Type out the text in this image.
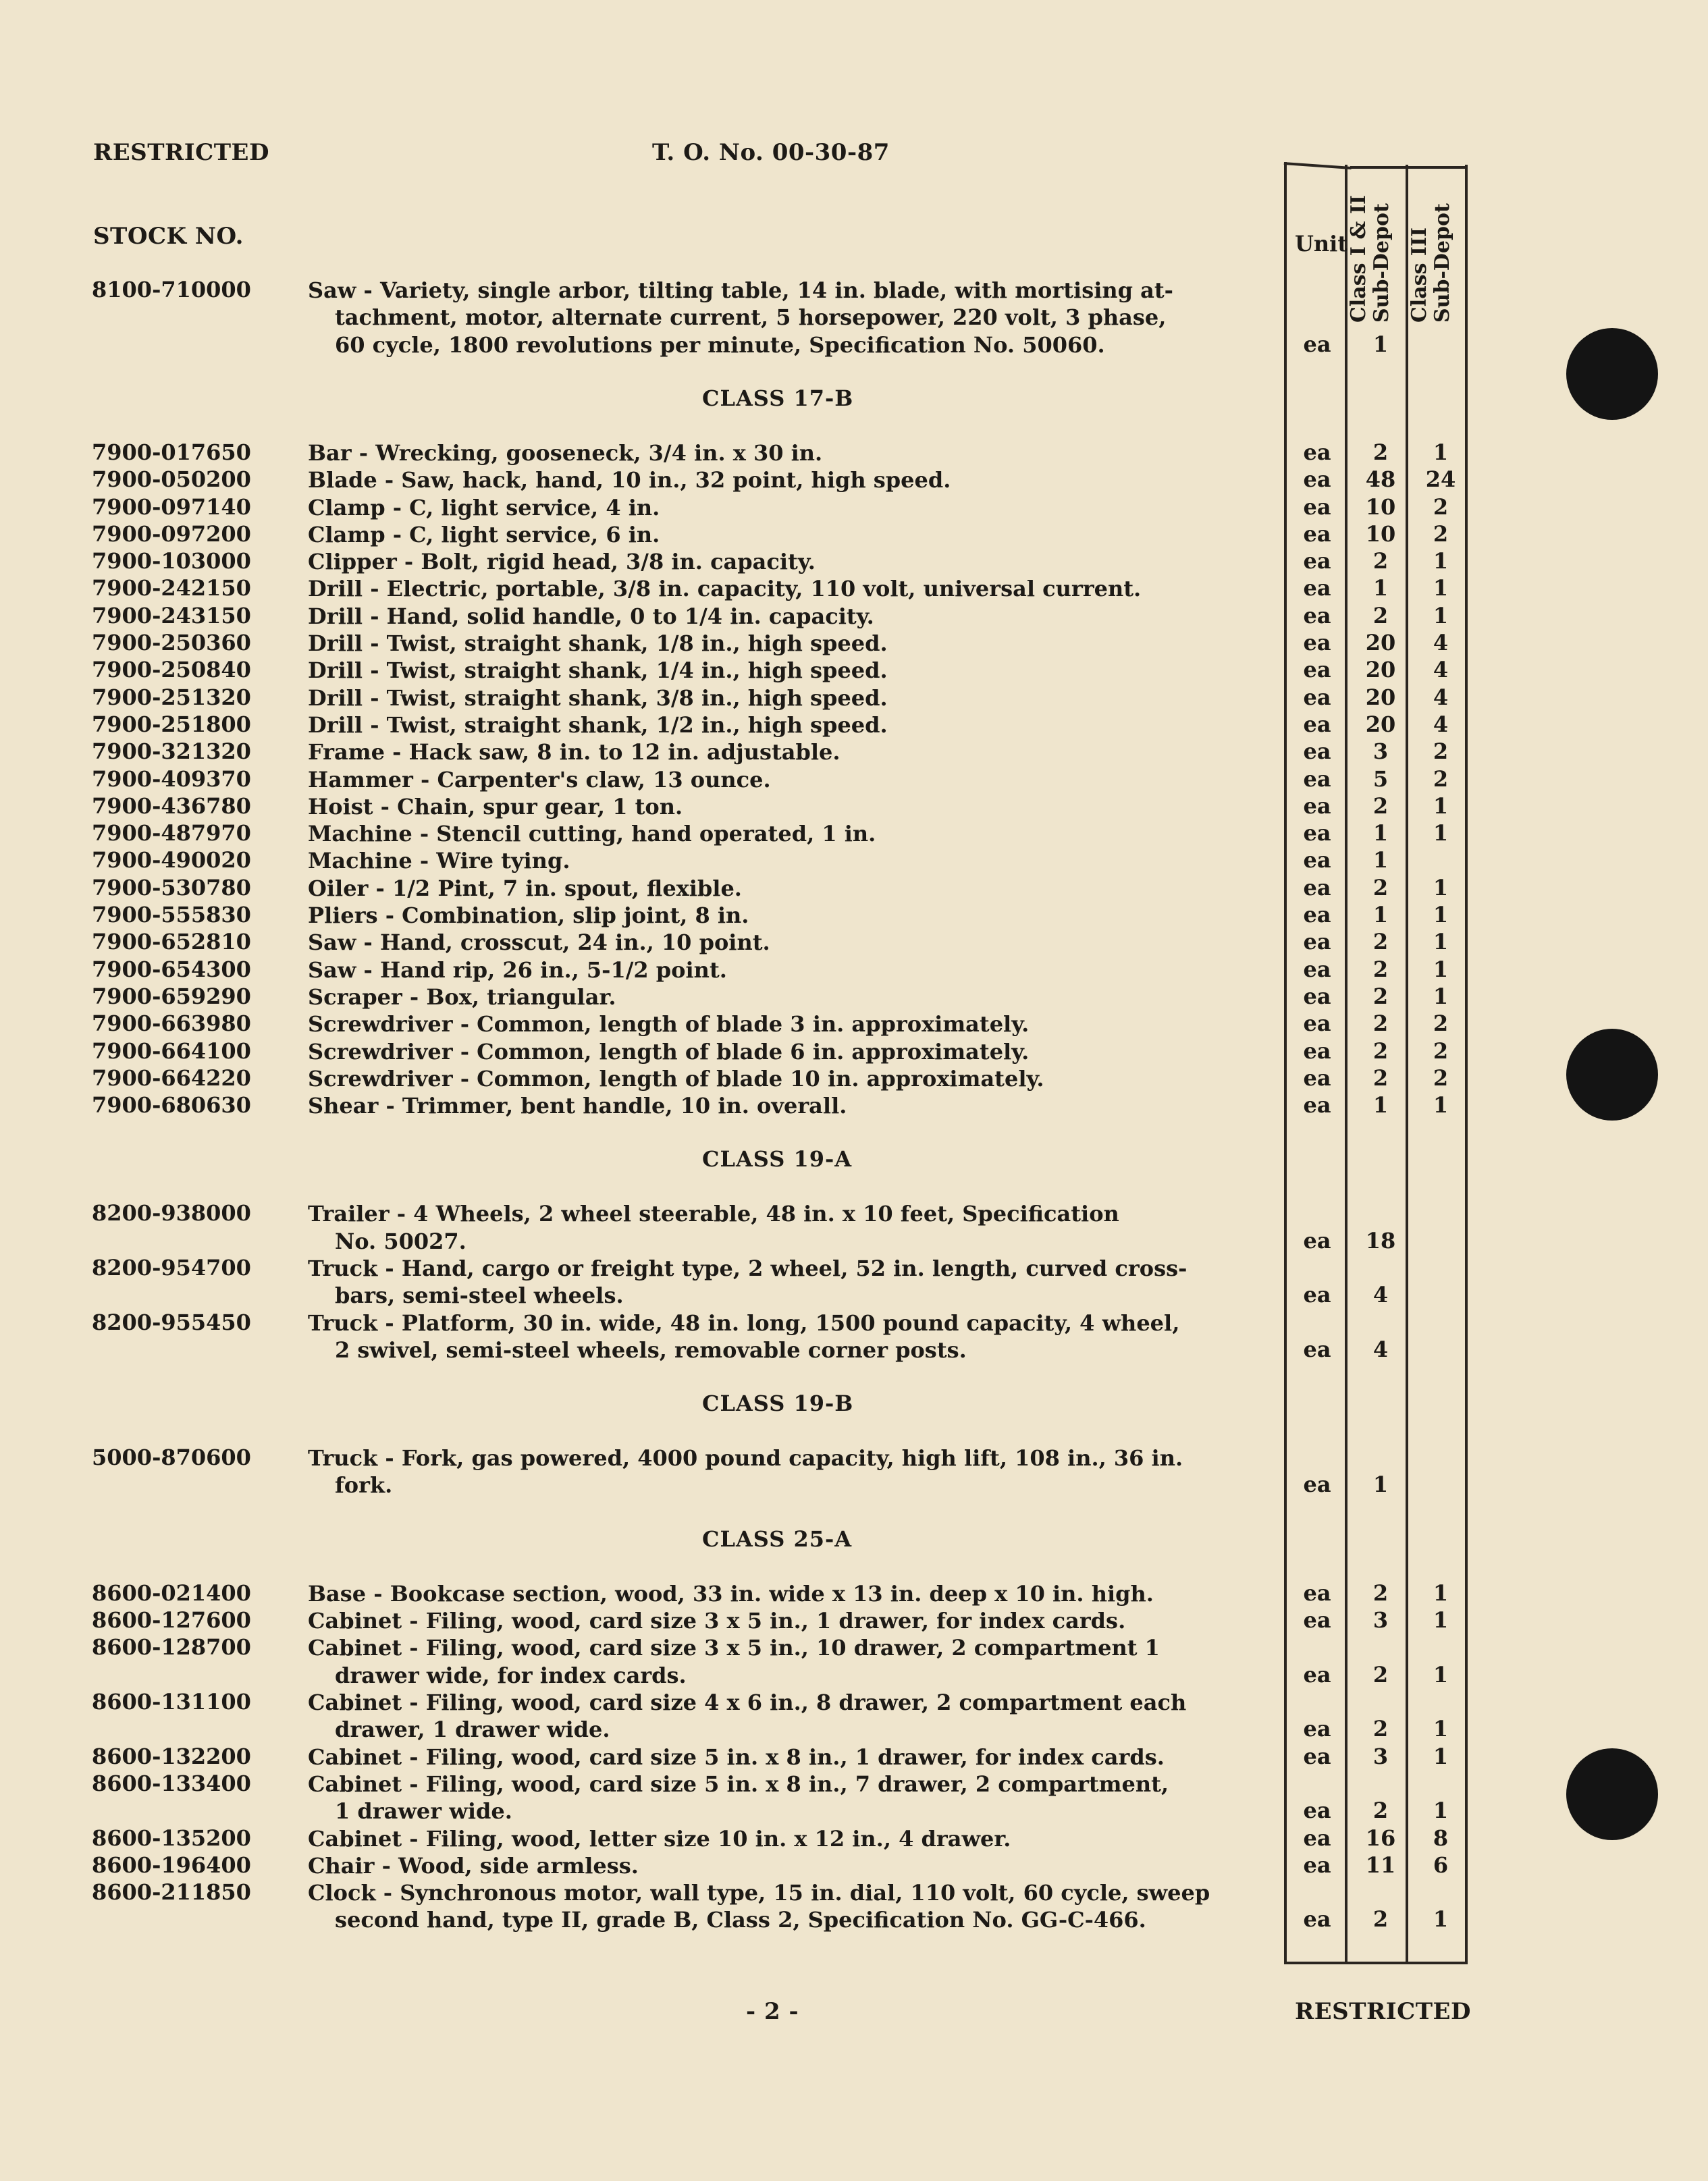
RESTRICTED	T. O. No. 00-30-87
STOCK NO.	Unit
Class I & II Sub-Depot Class III Sub-Depot
8100-710000	Saw - Variety, single arbor, tilting table, 14 in. blade, with mortising at-
tachment, motor, alternate current, 5 horsepower, 220 volt, 3 phase,
60 cycle, 1800 revolutions per minute, Specification No. 50060.	ea	1
CLASS 17-B
7900-017650	Bar - Wrecking, gooseneck, 3/4 in. x 30 in.	ea	2	1
7900-050200	Blade - Saw, hack, hand, 10 in., 32 point, high speed.	ea	48	24
7900-097140	Clamp - C, light service, 4 in.	ea	10	2
7900-097200	Clamp - C, light service, 6 in.	ea	10	2
7900-103000	Clipper - Bolt, rigid head, 3/8 in. capacity.	ea	2	1
7900-242150	Drill - Electric, portable, 3/8 in. capacity, 110 volt, universal current.	ea	1	1
7900-243150	Drill - Hand, solid handle, 0 to 1/4 in. capacity.	ea	2	1
7900-250360	Drill - Twist, straight shank, 1/8 in., high speed.	ea	20	4
7900-250840	Drill - Twist, straight shank, 1/4 in., high speed.	ea	20	4
7900-251320	Drill - Twist, straight shank, 3/8 in., high speed.	ea	20	4
7900-251800	Drill - Twist, straight shank, 1/2 in., high speed.	ea	20	4
7900-321320	Frame - Hack saw, 8 in. to 12 in. adjustable.	ea	3	2
7900-409370	Hammer - Carpenter's claw, 13 ounce.	ea	5	2
7900-436780	Hoist - Chain, spur gear, 1 ton.	ea	2	1
7900-487970	Machine - Stencil cutting, hand operated, 1 in.	ea	1	1
7900-490020	Machine - Wire tying.	ea	1
7900-530780	Oiler - 1/2 Pint, 7 in. spout, flexible.	ea	2	1
7900-555830	Pliers - Combination, slip joint, 8 in.	ea	1	1
7900-652810	Saw - Hand, crosscut, 24 in., 10 point.	ea	2	1
7900-654300	Saw - Hand rip, 26 in., 5-1/2 point.	ea	2	1
7900-659290	Scraper - Box, triangular.	ea	2	1
7900-663980	Screwdriver - Common, length of blade 3 in. approximately.	ea	2	2
7900-664100	Screwdriver - Common, length of blade 6 in. approximately.	ea	2	2
7900-664220	Screwdriver - Common, length of blade 10 in. approximately.	ea	2	2
7900-680630	Shear - Trimmer, bent handle, 10 in. overall.	ea	1	1
CLASS 19-A
8200-938000	Trailer - 4 Wheels, 2 wheel steerable, 48 in. x 10 feet, Specification
No. 50027.	ea	18
8200-954700	Truck - Hand, cargo or freight type, 2 wheel, 52 in. length, curved cross-
bars, semi-steel wheels.	ea	4
8200-955450	Truck - Platform, 30 in. wide, 48 in. long, 1500 pound capacity, 4 wheel,
2 swivel, semi-steel wheels, removable corner posts.	ea	4
CLASS 19-B
5000-870600	Truck - Fork, gas powered, 4000 pound capacity, high lift, 108 in., 36 in.
fork.	ea	1
CLASS 25-A
8600-021400	Base - Bookcase section, wood, 33 in. wide x 13 in. deep x 10 in. high.	ea	2	1
8600-127600	Cabinet - Filing, wood, card size 3 x 5 in., 1 drawer, for index cards.	ea	3	1
8600-128700	Cabinet - Filing, wood, card size 3 x 5 in., 10 drawer, 2 compartment 1
drawer wide, for index cards.	ea	2	1
8600-131100	Cabinet - Filing, wood, card size 4 x 6 in., 8 drawer, 2 compartment each
drawer, 1 drawer wide.	ea	2	1
8600-132200	Cabinet - Filing, wood, card size 5 in. x 8 in., 1 drawer, for index cards.	ea	3	1
8600-133400	Cabinet - Filing, wood, card size 5 in. x 8 in., 7 drawer, 2 compartment,
1 drawer wide.	ea	2	1
8600-135200	Cabinet - Filing, wood, letter size 10 in. x 12 in., 4 drawer.	ea	16	8
8600-196400	Chair - Wood, side armless.	ea	11	6
8600-211850	Clock - Synchronous motor, wall type, 15 in. dial, 110 volt, 60 cycle, sweep
second hand, type II, grade B, Class 2, Specification No. GG-C-466.	ea	2	1
- 2 -	RESTRICTED
